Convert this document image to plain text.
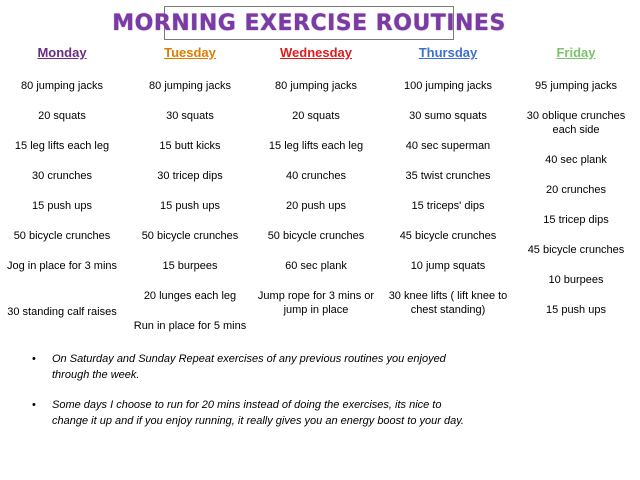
MORNING EXERCISE ROUTINES
Monday
80 jumping jacks
20 squats
15 leg lifts each leg
30 crunches
15 push ups
50 bicycle crunches
Jog in place for 3 mins
30 standing calf raises
Tuesday
80 jumping jacks
30 squats
15 butt kicks
30 tricep dips
15 push ups
50 bicycle crunches
15 burpees
20 lunges each leg
Run in place for 5 mins
Wednesday
80 jumping jacks
20 squats
15 leg lifts each leg
40 crunches
20 push ups
50 bicycle crunches
60 sec plank
Jump rope for 3 mins or jump in place
Thursday
100 jumping jacks
30 sumo squats
40 sec superman
35 twist crunches
15 triceps' dips
45 bicycle crunches
10 jump squats
30 knee lifts ( lift knee to chest standing)
Friday
95 jumping jacks
30 oblique crunches each side
40 sec plank
20 crunches
15 tricep dips
45 bicycle crunches
10 burpees
15 push ups
• On Saturday and Sunday Repeat exercises of any previous routines you enjoyed through the week.
• Some days I choose to run for 20 mins instead of doing the exercises, its nice to change it up and if you enjoy running, it really gives you an energy boost to your day.
